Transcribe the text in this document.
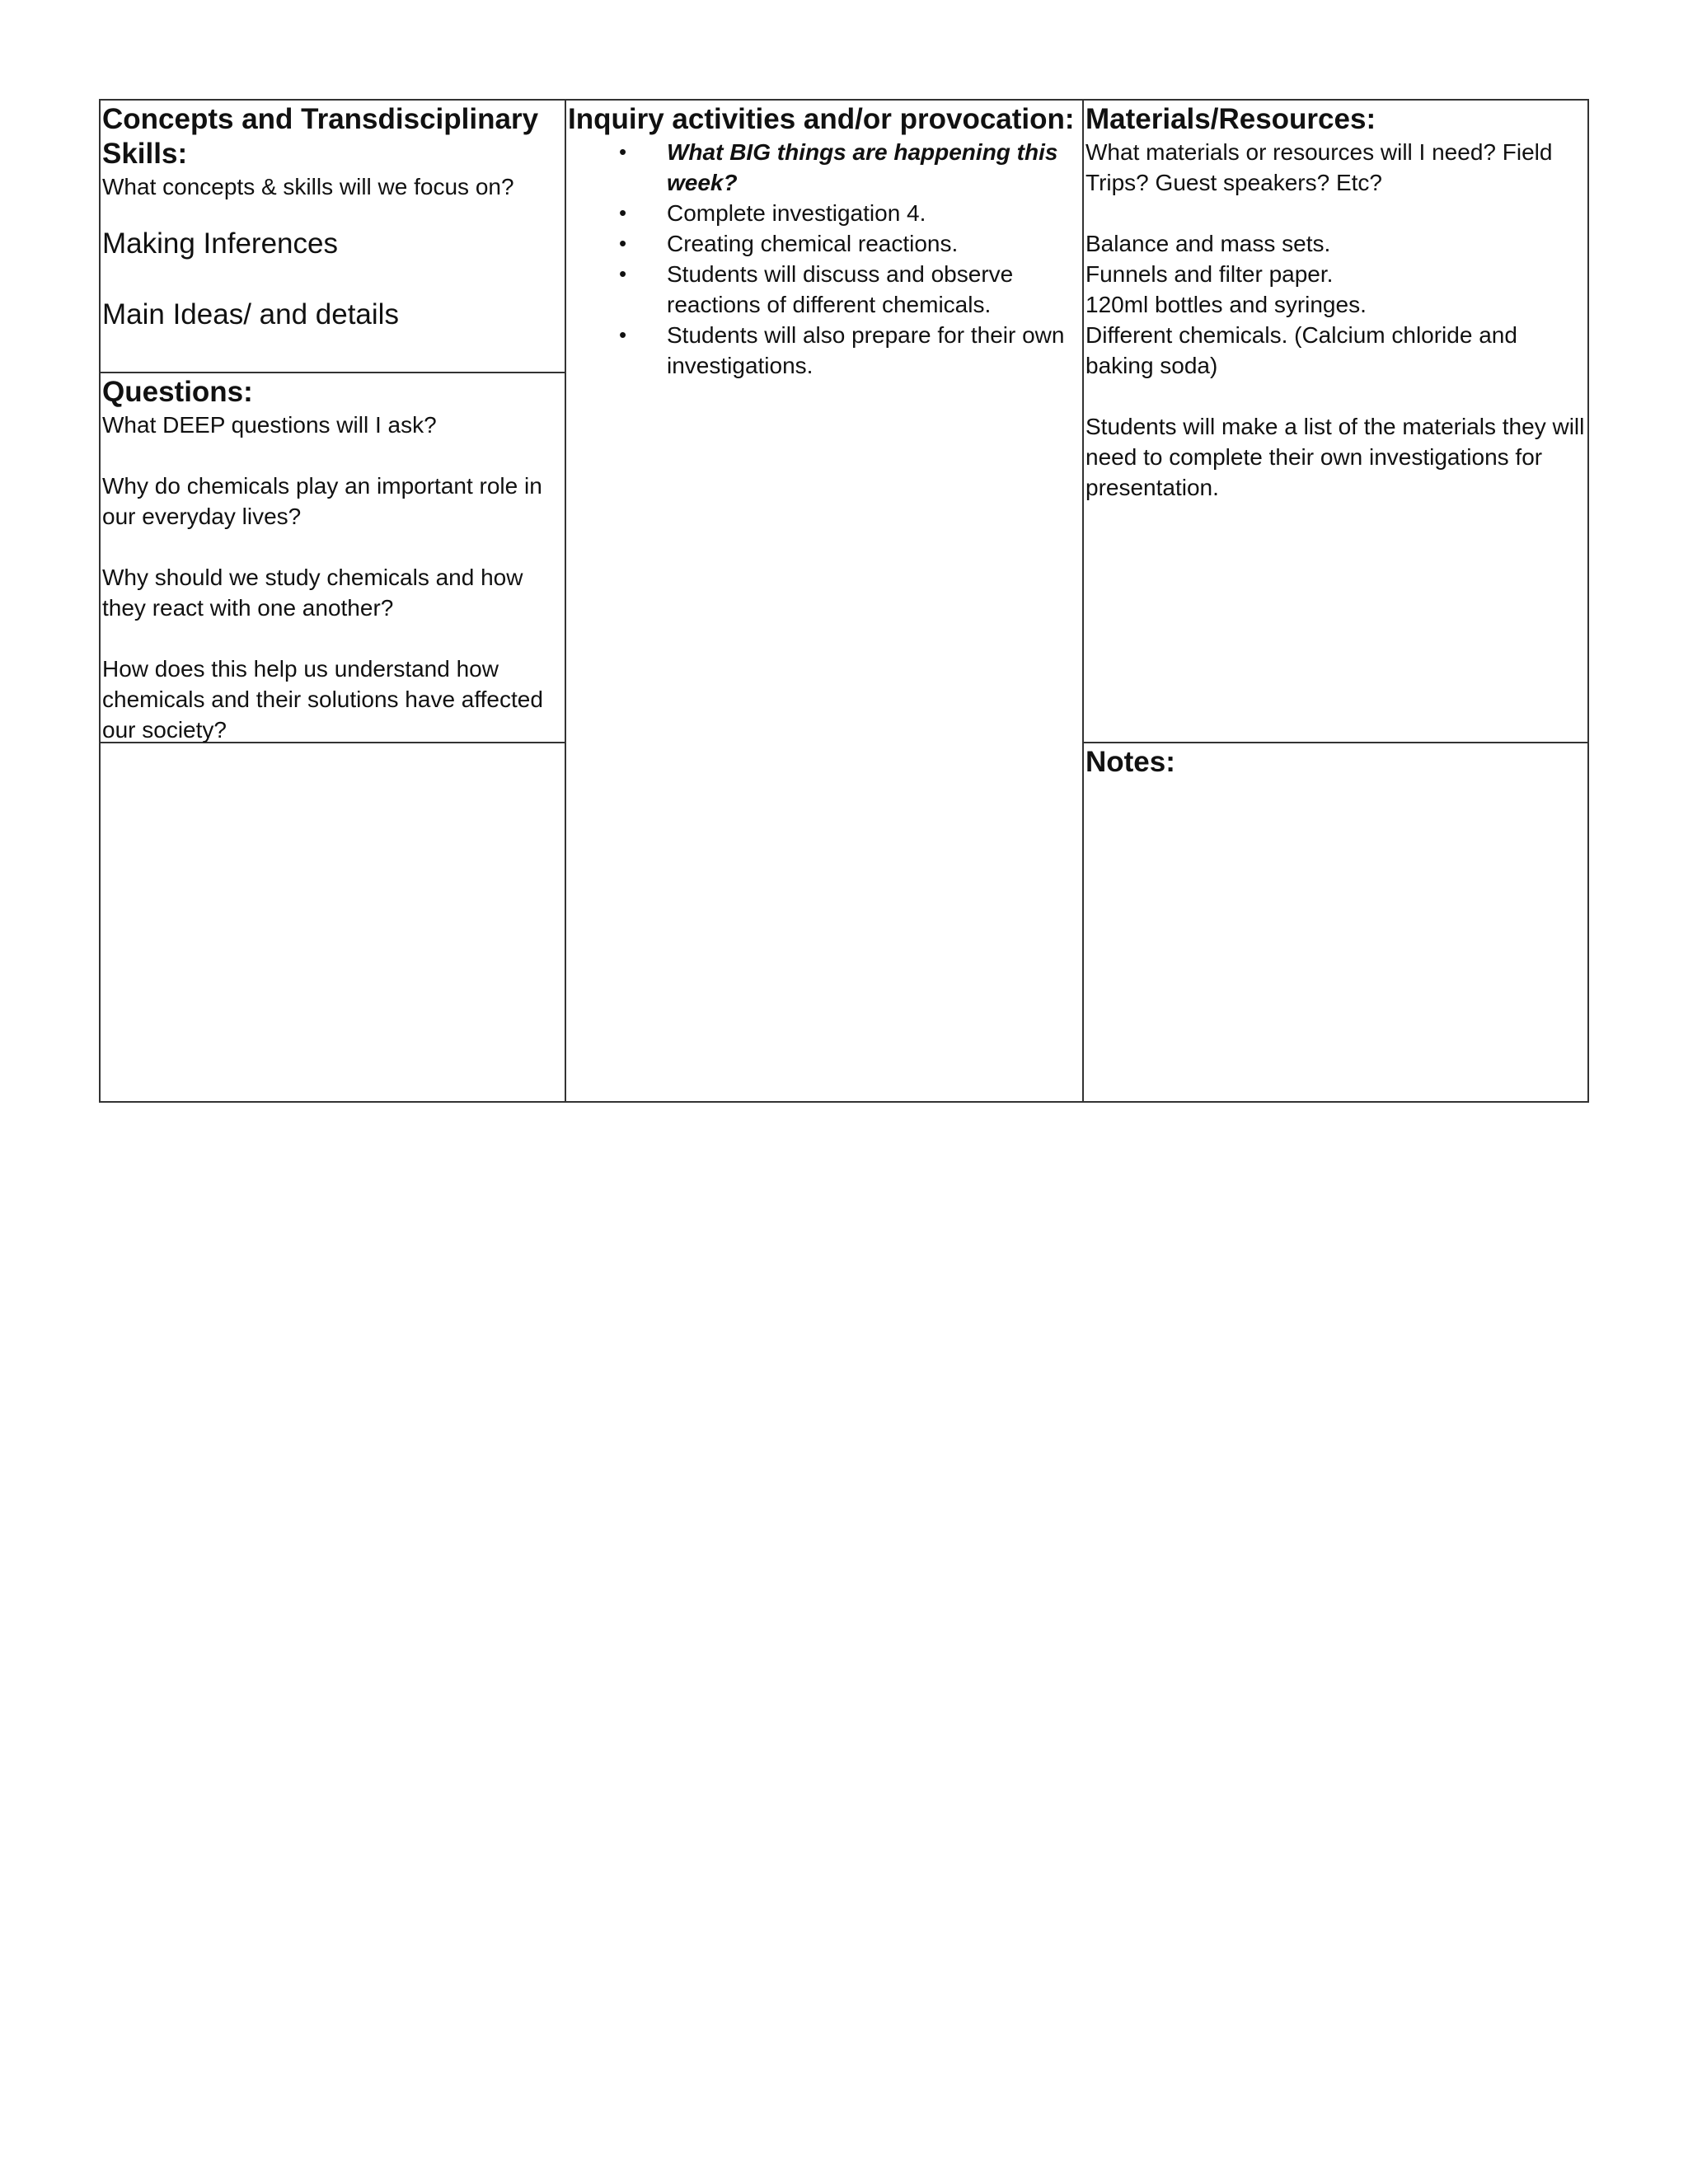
Concepts and Transdisciplinary Skills:
What concepts & skills will we focus on?
Making Inferences
Main Ideas/ and details
Questions:
What DEEP questions will I ask?
Why do chemicals play an important role in our everyday lives?
Why should we study chemicals and how they react with one another?
How does this help us understand how chemicals and their solutions have affected our society?
Inquiry activities and/or provocation:
• What BIG things are happening this week?
• Complete investigation 4.
• Creating chemical reactions.
• Students will discuss and observe reactions of different chemicals.
• Students will also prepare for their own investigations.
Materials/Resources:
What materials or resources will I need? Field Trips? Guest speakers? Etc?
Balance and mass sets.
Funnels and filter paper.
120ml bottles and syringes.
Different chemicals. (Calcium chloride and baking soda)
Students will make a list of the materials they will need to complete their own investigations for presentation.
Notes:
